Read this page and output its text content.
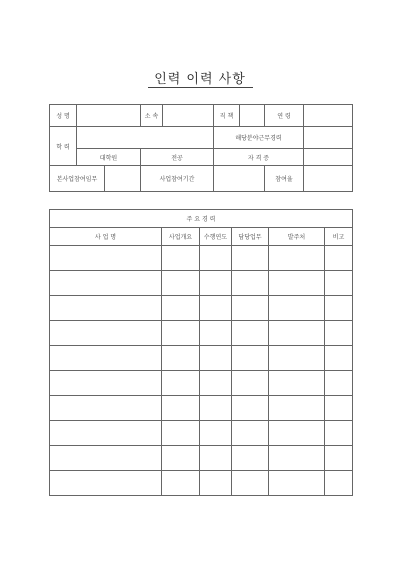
인력 이력 사항
성 명			소 속		직 책		연 령	
학 력					해당분야근무경력			
	대학원		전공		자 격 증			
본사업참여임무			사업참여기간				참여율	
주 요 경 력					
사 업 명	사업개요	수행연도	담당업무	발주처	비고
